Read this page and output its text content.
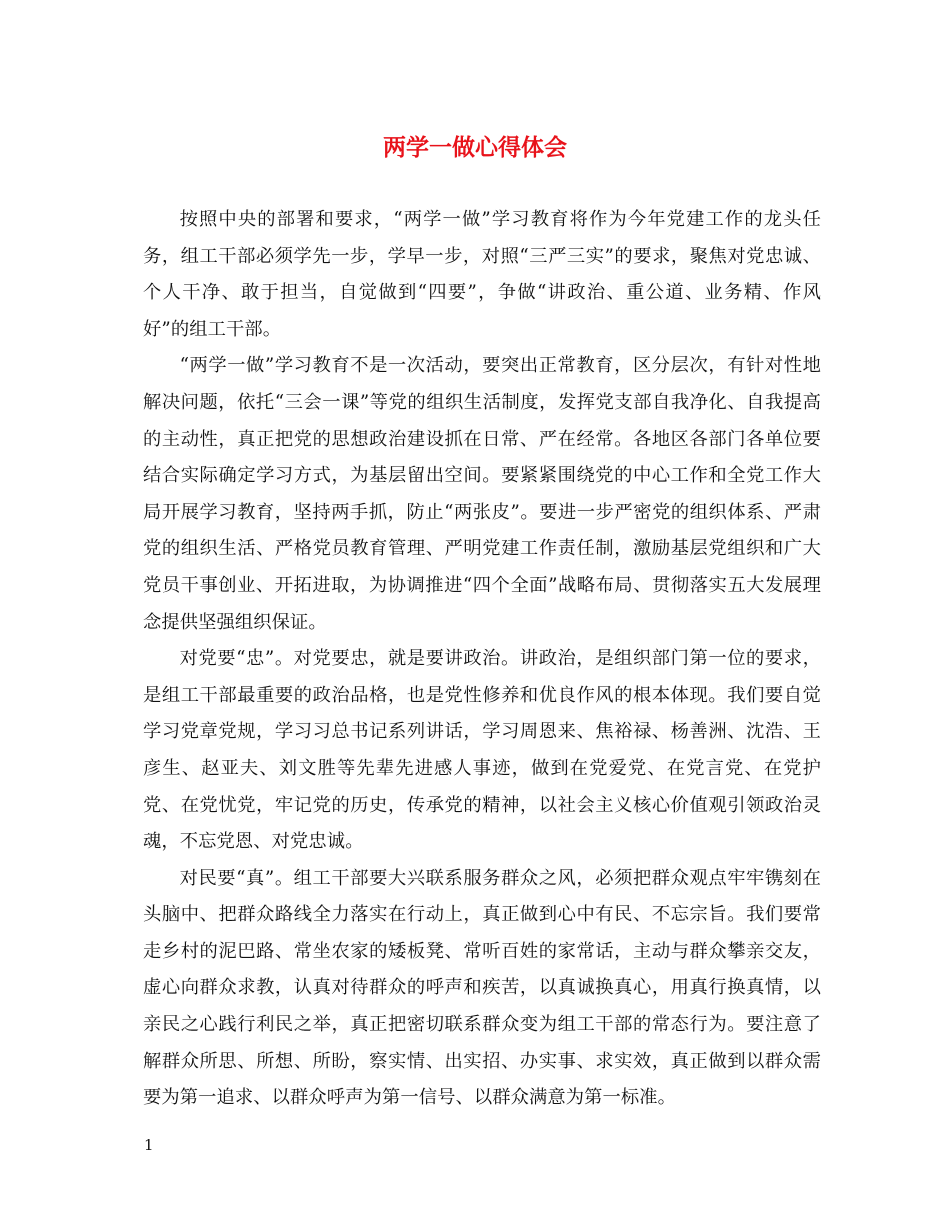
两学一做心得体会

按照中央的部署和要求，“两学一做”学习教育将作为今年党建工作的龙头任务，组工干部必须学先一步，学早一步，对照“三严三实”的要求，聚焦对党忠诚、个人干净、敢于担当，自觉做到“四要”，争做“讲政治、重公道、业务精、作风好”的组工干部。

“两学一做”学习教育不是一次活动，要突出正常教育，区分层次，有针对性地解决问题，依托“三会一课”等党的组织生活制度，发挥党支部自我净化、自我提高的主动性，真正把党的思想政治建设抓在日常、严在经常。各地区各部门各单位要结合实际确定学习方式，为基层留出空间。要紧紧围绕党的中心工作和全党工作大局开展学习教育，坚持两手抓，防止“两张皮”。要进一步严密党的组织体系、严肃党的组织生活、严格党员教育管理、严明党建工作责任制，激励基层党组织和广大党员干事创业、开拓进取，为协调推进“四个全面”战略布局、贯彻落实五大发展理念提供坚强组织保证。

对党要“忠”。对党要忠，就是要讲政治。讲政治，是组织部门第一位的要求，是组工干部最重要的政治品格，也是党性修养和优良作风的根本体现。我们要自觉学习党章党规，学习习总书记系列讲话，学习周恩来、焦裕禄、杨善洲、沈浩、王彦生、赵亚夫、刘文胜等先辈先进感人事迹，做到在党爱党、在党言党、在党护党、在党忧党，牢记党的历史，传承党的精神，以社会主义核心价值观引领政治灵魂，不忘党恩、对党忠诚。

对民要“真”。组工干部要大兴联系服务群众之风，必须把群众观点牢牢镌刻在头脑中、把群众路线全力落实在行动上，真正做到心中有民、不忘宗旨。我们要常走乡村的泥巴路、常坐农家的矮板凳、常听百姓的家常话，主动与群众攀亲交友，虚心向群众求教，认真对待群众的呼声和疾苦，以真诚换真心，用真行换真情，以亲民之心践行利民之举，真正把密切联系群众变为组工干部的常态行为。要注意了解群众所思、所想、所盼，察实情、出实招、办实事、求实效，真正做到以群众需要为第一追求、以群众呼声为第一信号、以群众满意为第一标准。

1
